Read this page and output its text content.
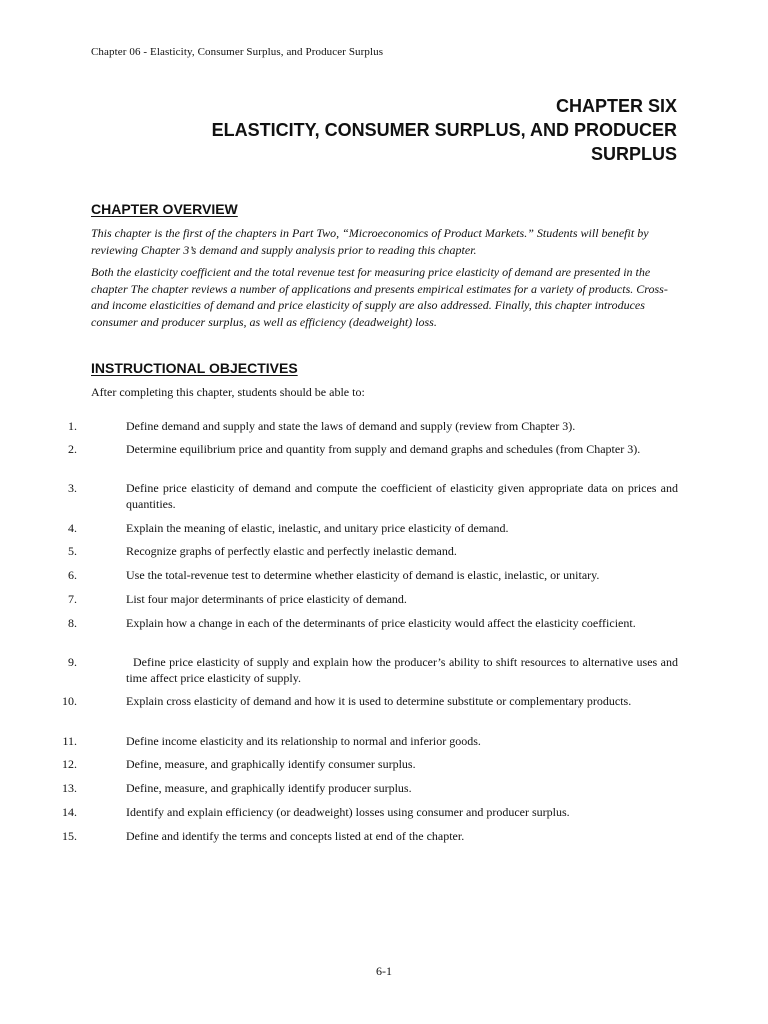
Chapter 06 - Elasticity, Consumer Surplus, and Producer Surplus
CHAPTER SIX
ELASTICITY, CONSUMER SURPLUS, AND PRODUCER
SURPLUS
CHAPTER OVERVIEW

This chapter is the first of the chapters in Part Two, “Microeconomics of Product Markets.” Students will benefit by reviewing Chapter 3’s demand and supply analysis prior to reading this chapter.

Both the elasticity coefficient and the total revenue test for measuring price elasticity of demand are presented in the chapter The chapter reviews a number of applications and presents empirical estimates for a variety of products. Cross- and income elasticities of demand and price elasticity of supply are also addressed. Finally, this chapter introduces consumer and producer surplus, as well as efficiency (deadweight) loss.

INSTRUCTIONAL OBJECTIVES

After completing this chapter, students should be able to:

1.	Define demand and supply and state the laws of demand and supply (review from Chapter 3).
2.	Determine equilibrium price and quantity from supply and demand graphs and schedules (from Chapter 3).
3.	Define price elasticity of demand and compute the coefficient of elasticity given appropriate data on prices and quantities.
4.	Explain the meaning of elastic, inelastic, and unitary price elasticity of demand.
5.	Recognize graphs of perfectly elastic and perfectly inelastic demand.
6.	Use the total-revenue test to determine whether elasticity of demand is elastic, inelastic, or unitary.
7.	List four major determinants of price elasticity of demand.
8.	Explain how a change in each of the determinants of price elasticity would affect the elasticity coefficient.
9.	Define price elasticity of supply and explain how the producer’s ability to shift resources to alternative uses and time affect price elasticity of supply.
10.	Explain cross elasticity of demand and how it is used to determine substitute or complementary products.
11.	Define income elasticity and its relationship to normal and inferior goods.
12.	Define, measure, and graphically identify consumer surplus.
13.	Define, measure, and graphically identify producer surplus.
14.	Identify and explain efficiency (or deadweight) losses using consumer and producer surplus.
15.	Define and identify the terms and concepts listed at end of the chapter.
6-1
